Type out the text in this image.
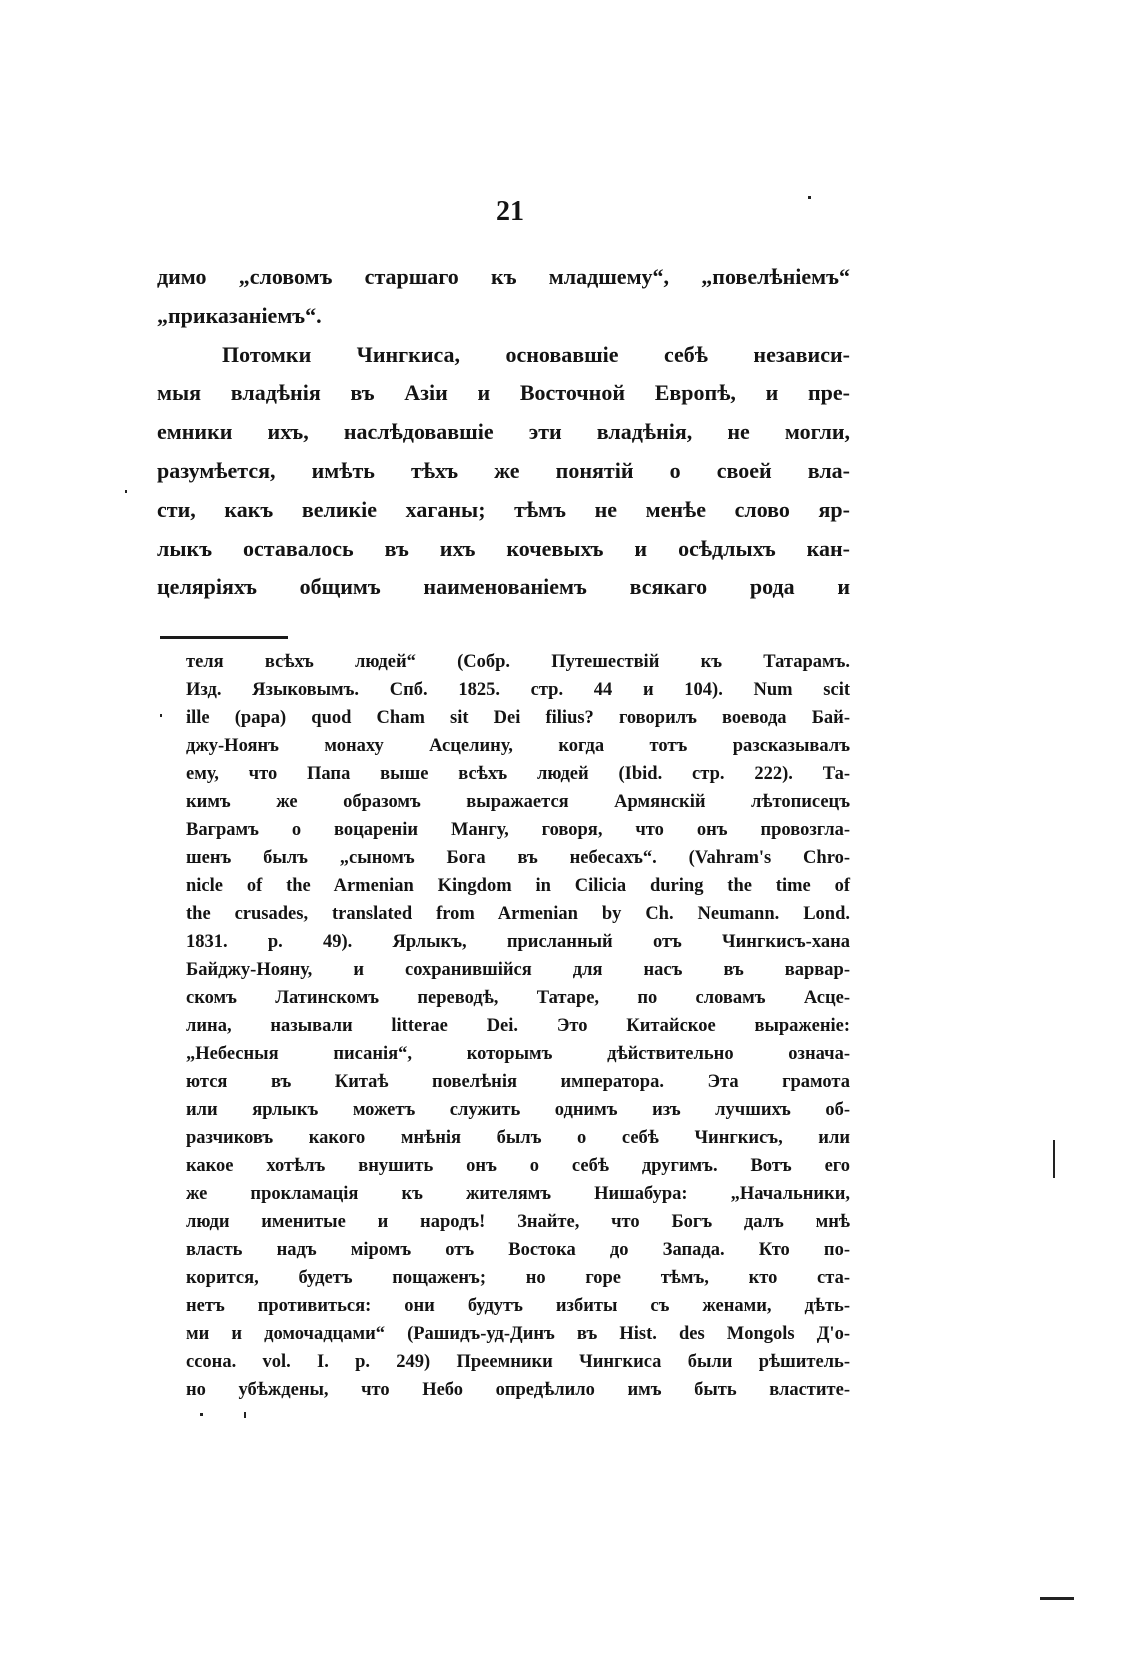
21
димо „словомъ старшаго къ младшему“, „повелѣніемъ“
„приказаніемъ“.
Потомки Чингкиса, основавшіе себѣ независи-
мыя владѣнія въ Азіи и Восточной Европѣ, и пре-
емники ихъ, наслѣдовавшіе эти владѣнія, не могли,
разумѣется, имѣть тѣхъ же понятій о своей вла-
сти, какъ великіе хаганы; тѣмъ не менѣе слово яр-
лыкъ оставалось въ ихъ кочевыхъ и осѣдлыхъ кан-
целяріяхъ общимъ наименованіемъ всякаго рода и
теля всѣхъ людей“ (Собр. Путешествій къ Татарамъ.
Изд. Языковымъ. Спб. 1825. стр. 44 и 104). Num scit
ille (papa) quod Cham sit Dei filius? говорилъ воевода Бай-
джу-Ноянъ монаху Асцелину, когда тотъ разсказывалъ
ему, что Папа выше всѣхъ людей (Ibid. стр. 222). Та-
кимъ же образомъ выражается Армянскій лѣтописецъ
Ваграмъ о воцареніи Мангу, говоря, что онъ провозгла-
шенъ былъ „сыномъ Бога въ небесахъ“. (Vahram's Chro-
nicle of the Armenian Kingdom in Cilicia during the time of
the crusades, translated from Armenian by Ch. Neumann. Lond.
1831. p. 49). Ярлыкъ, присланный отъ Чингкисъ-хана
Байджу-Нояну, и сохранившійся для насъ въ варвар-
скомъ Латинскомъ переводѣ, Татаре, по словамъ Асце-
лина, называли litterae Dei. Это Китайское выраженіе:
„Небесныя писанія“, которымъ дѣйствительно означа-
ются въ Китаѣ повелѣнія императора. Эта грамота
или ярлыкъ можетъ служить однимъ изъ лучшихъ об-
разчиковъ какого мнѣнія былъ о себѣ Чингкисъ, или
какое хотѣлъ внушить онъ о себѣ другимъ. Вотъ его
же прокламація къ жителямъ Нишабура: „Начальники,
люди именитые и народъ! Знайте, что Богъ далъ мнѣ
власть надъ міромъ отъ Востока до Запада. Кто по-
корится, будетъ пощаженъ; но горе тѣмъ, кто ста-
нетъ противиться: они будутъ избиты съ женами, дѣть-
ми и домочадцами“ (Рашидъ-уд-Динъ въ Hist. des Mongols Д'о-
ссона. vol. I. p. 249) Преемники Чингкиса были рѣшитель-
но убѣждены, что Небо опредѣлило имъ быть властите-
